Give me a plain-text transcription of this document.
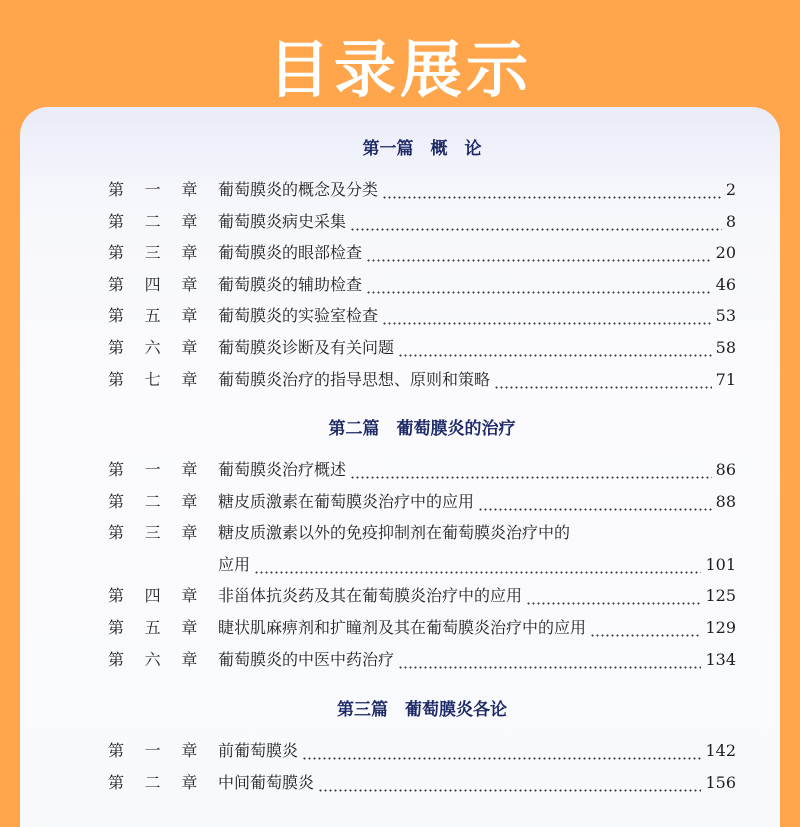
目录展示
第一篇　概　论
第	一	章	葡萄膜炎的概念及分类	2
第	二	章	葡萄膜炎病史采集	8
第	三	章	葡萄膜炎的眼部检查	20
第	四	章	葡萄膜炎的辅助检查	46
第	五	章	葡萄膜炎的实验室检查	53
第	六	章	葡萄膜炎诊断及有关问题	58
第	七	章	葡萄膜炎治疗的指导思想、原则和策略	71
第二篇　葡萄膜炎的治疗
第	一	章	葡萄膜炎治疗概述	86
第	二	章	糖皮质激素在葡萄膜炎治疗中的应用	88
第	三	章	糖皮质激素以外的免疫抑制剂在葡萄膜炎治疗中的
应用	101
第	四	章	非甾体抗炎药及其在葡萄膜炎治疗中的应用	125
第	五	章	睫状肌麻痹剂和扩瞳剂及其在葡萄膜炎治疗中的应用	129
第	六	章	葡萄膜炎的中医中药治疗	134
第三篇　葡萄膜炎各论
第	一	章	前葡萄膜炎	142
第	二	章	中间葡萄膜炎	156
